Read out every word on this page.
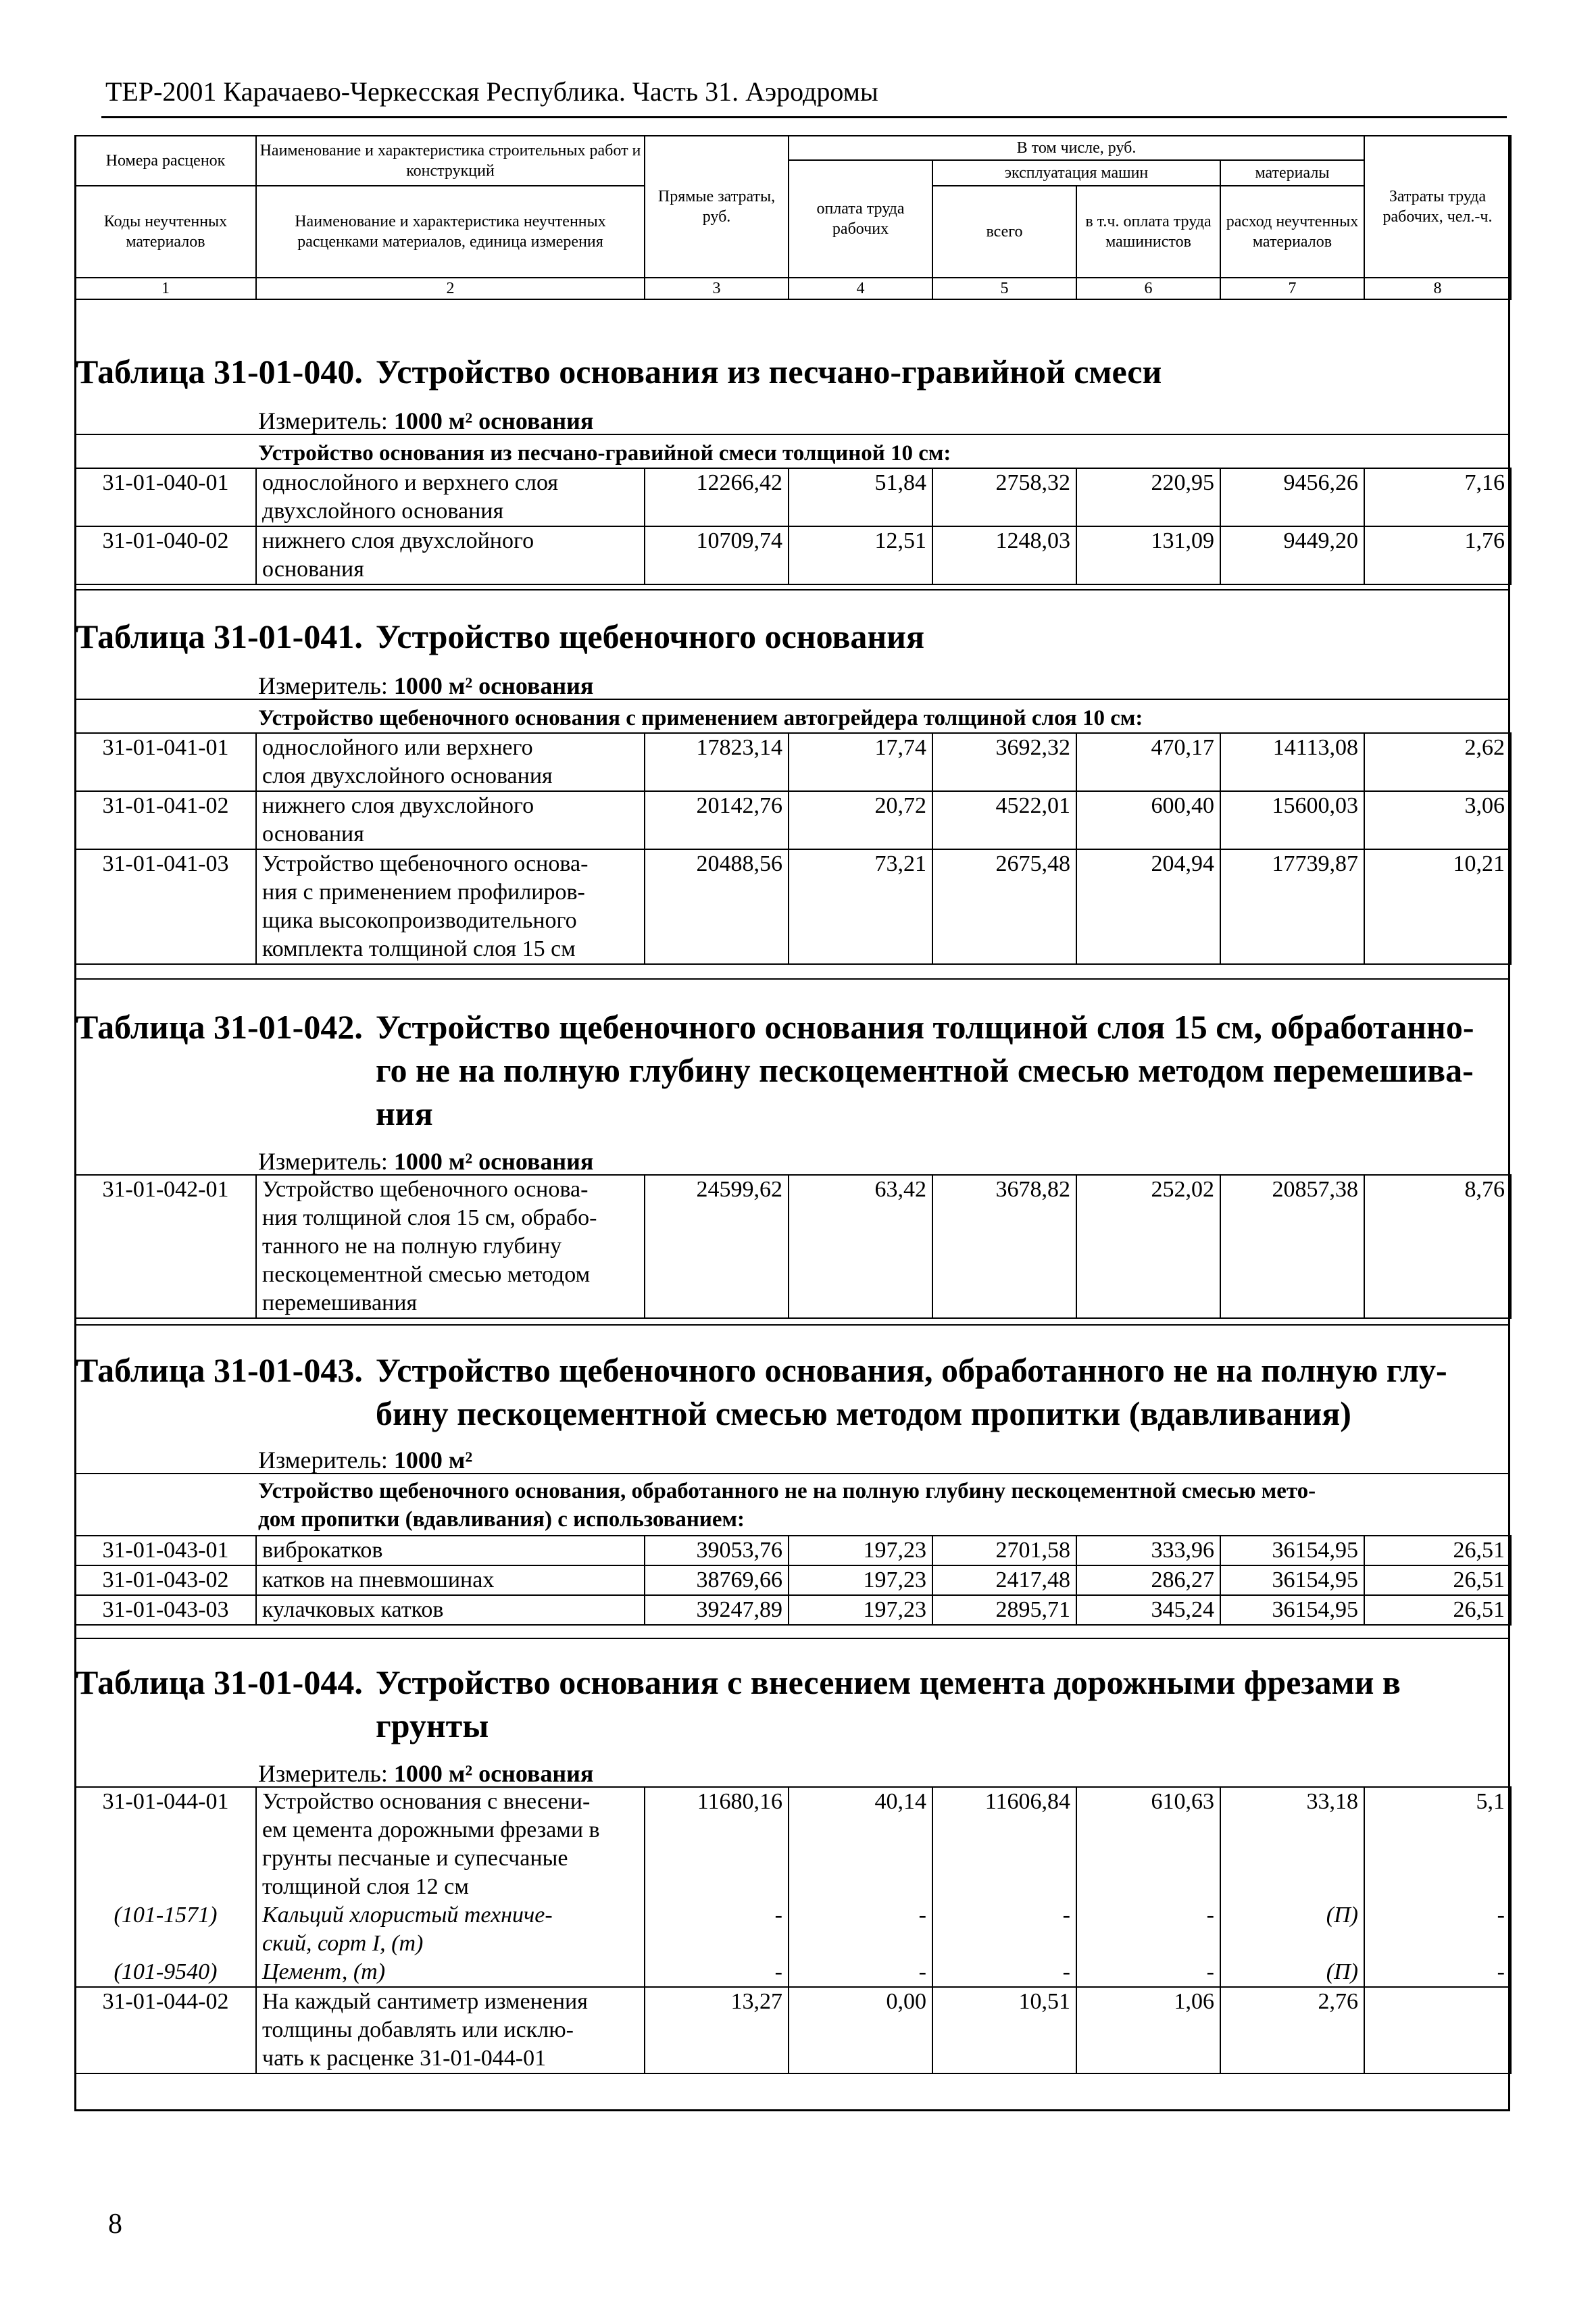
ТЕР-2001 Карачаево-Черкесская Республика. Часть 31. Аэродромы
Номера расценок	Наименование и характеристика строительных работ и конструкций	Прямые затраты, руб.	В том числе, руб.				Затраты труда рабочих, чел.-ч.
			оплата труда рабочих	эксплуатация машин		материалы	
Коды неучтенных материалов	Наименование и характеристика неучтенных расценками материалов, единица измерения			всего	в т.ч. оплата труда машинистов	расход неучтенных материалов	

1	2	3	4	5	6	7	8
Таблица 31-01-040. Устройство основания из песчано-гравийной смеси
Измеритель: 1000 м² основания
Устройство основания из песчано-гравийной смеси толщиной 10 см:
31-01-040-01	однослойного и верхнего слоя
двухслойного основания	12266,42	51,84	2758,32	220,95	9456,26	7,16
31-01-040-02	нижнего слоя двухслойного
основания	10709,74	12,51	1248,03	131,09	9449,20	1,76
Таблица 31-01-041. Устройство щебеночного основания
Измеритель: 1000 м² основания
Устройство щебеночного основания с применением автогрейдера толщиной слоя 10 см:
31-01-041-01	однослойного или верхнего
слоя двухслойного основания	17823,14	17,74	3692,32	470,17	14113,08	2,62
31-01-041-02	нижнего слоя двухслойного
основания	20142,76	20,72	4522,01	600,40	15600,03	3,06
31-01-041-03	Устройство щебеночного основа-
ния с применением профилиров-
щика высокопроизводительного
комплекта толщиной слоя 15 см	20488,56	73,21	2675,48	204,94	17739,87	10,21
Таблица 31-01-042. Устройство щебеночного основания толщиной слоя 15 см, обработанно-
го не на полную глубину пескоцементной смесью методом перемешива-
ния
Измеритель: 1000 м² основания
31-01-042-01	Устройство щебеночного основа-
ния толщиной слоя 15 см, обрабо-
танного не на полную глубину
пескоцементной смесью методом
перемешивания	24599,62	63,42	3678,82	252,02	20857,38	8,76
Таблица 31-01-043. Устройство щебеночного основания, обработанного не на полную глу-
бину пескоцементной смесью методом пропитки (вдавливания)
Измеритель: 1000 м²
Устройство щебеночного основания, обработанного не на полную глубину пескоцементной смесью мето-
дом пропитки (вдавливания) с использованием:
31-01-043-01	виброкатков	39053,76	197,23	2701,58	333,96	36154,95	26,51
31-01-043-02	катков на пневмошинах	38769,66	197,23	2417,48	286,27	36154,95	26,51
31-01-043-03	кулачковых катков	39247,89	197,23	2895,71	345,24	36154,95	26,51
Таблица 31-01-044. Устройство основания с внесением цемента дорожными фрезами в
грунты
Измеритель: 1000 м² основания
31-01-044-01	Устройство основания с внесени-
ем цемента дорожными фрезами в
грунты песчаные и супесчаные
толщиной слоя 12 см	11680,16	40,14	11606,84	610,63	33,18	5,1
(101-1571)	Кальций хлористый техниче-
ский, сорт I, (т)	-	-	-	-	(П)	-
(101-9540)	Цемент, (т)	-	-	-	-	(П)	-
31-01-044-02	На каждый сантиметр изменения
толщины добавлять или исклю-
чать к расценке 31-01-044-01	13,27	0,00	10,51	1,06	2,76	
8
